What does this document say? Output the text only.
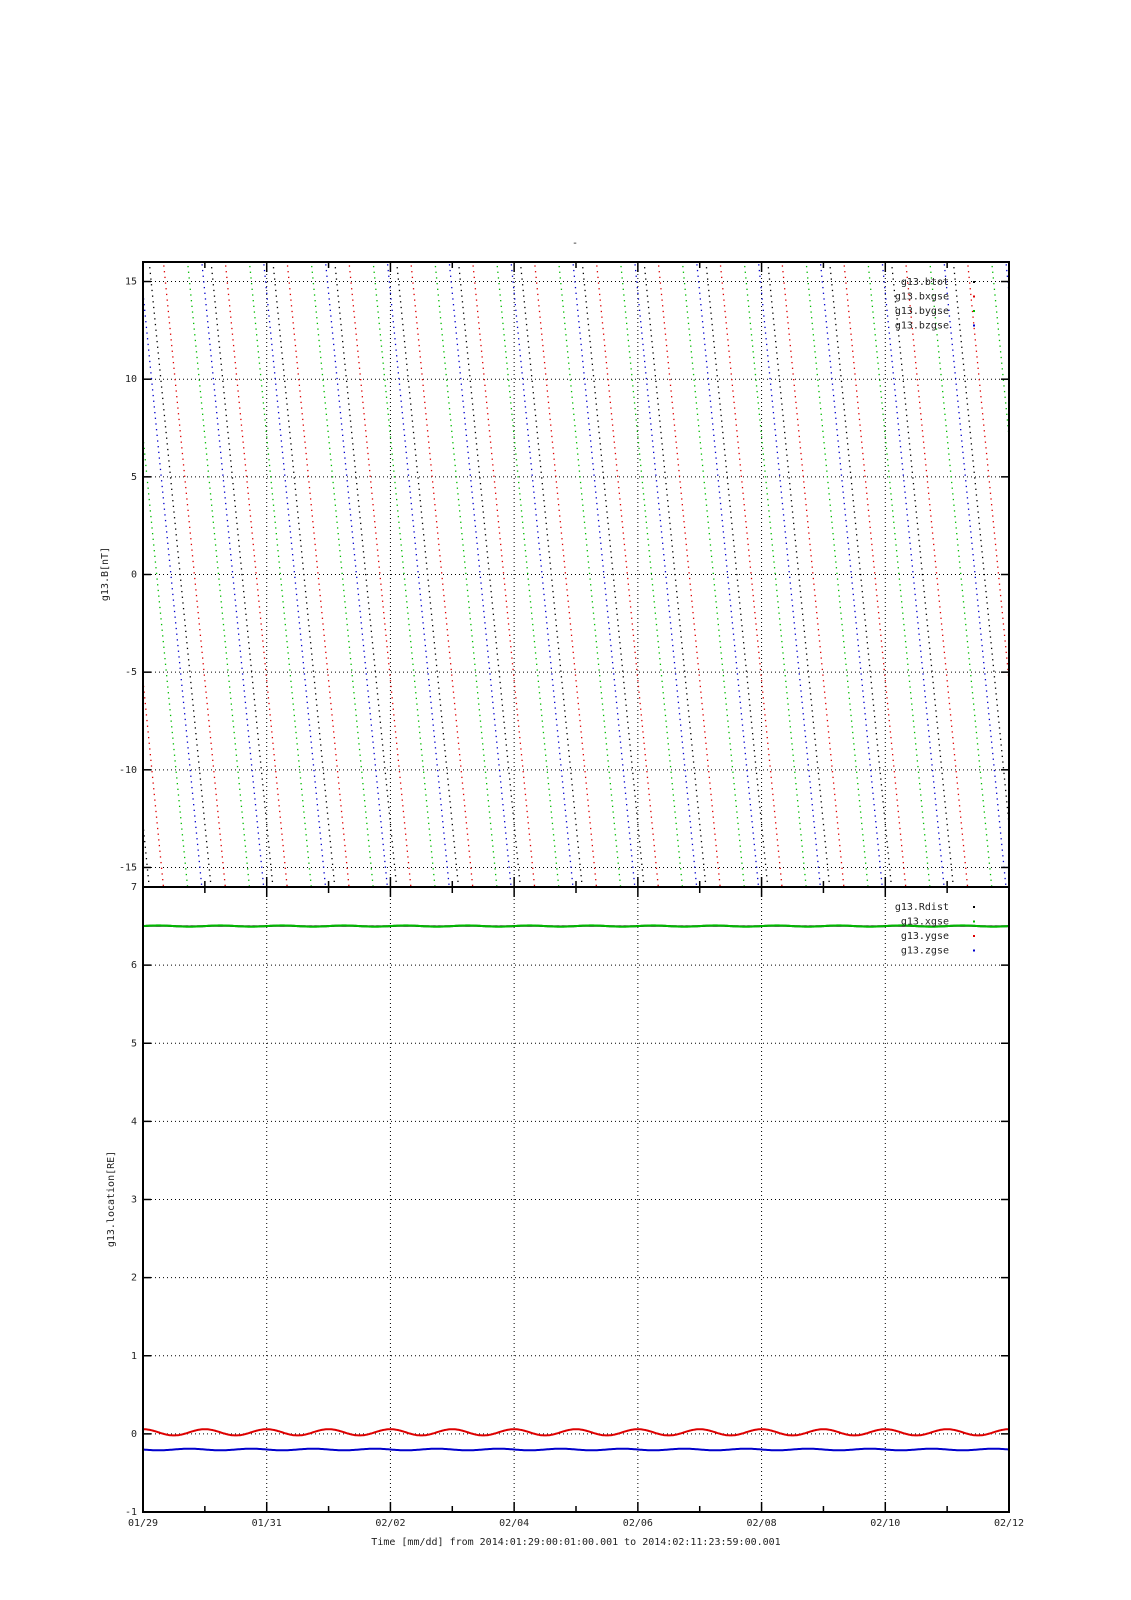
-
15
10
5
0
-5
-10
-15
g13.B[nT]
g13.btot
g13.bxgse
g13.bygse
g13.bzgse
7
6
5
4
3
2
1
0
-1
01/29	01/31	02/02	02/04	02/06	02/08	02/10	02/12
g13.location[RE]
g13.Rdist
g13.xgse
g13.ygse
g13.zgse
Time [mm/dd] from 2014:01:29:00:01:00.001 to 2014:02:11:23:59:00.001
